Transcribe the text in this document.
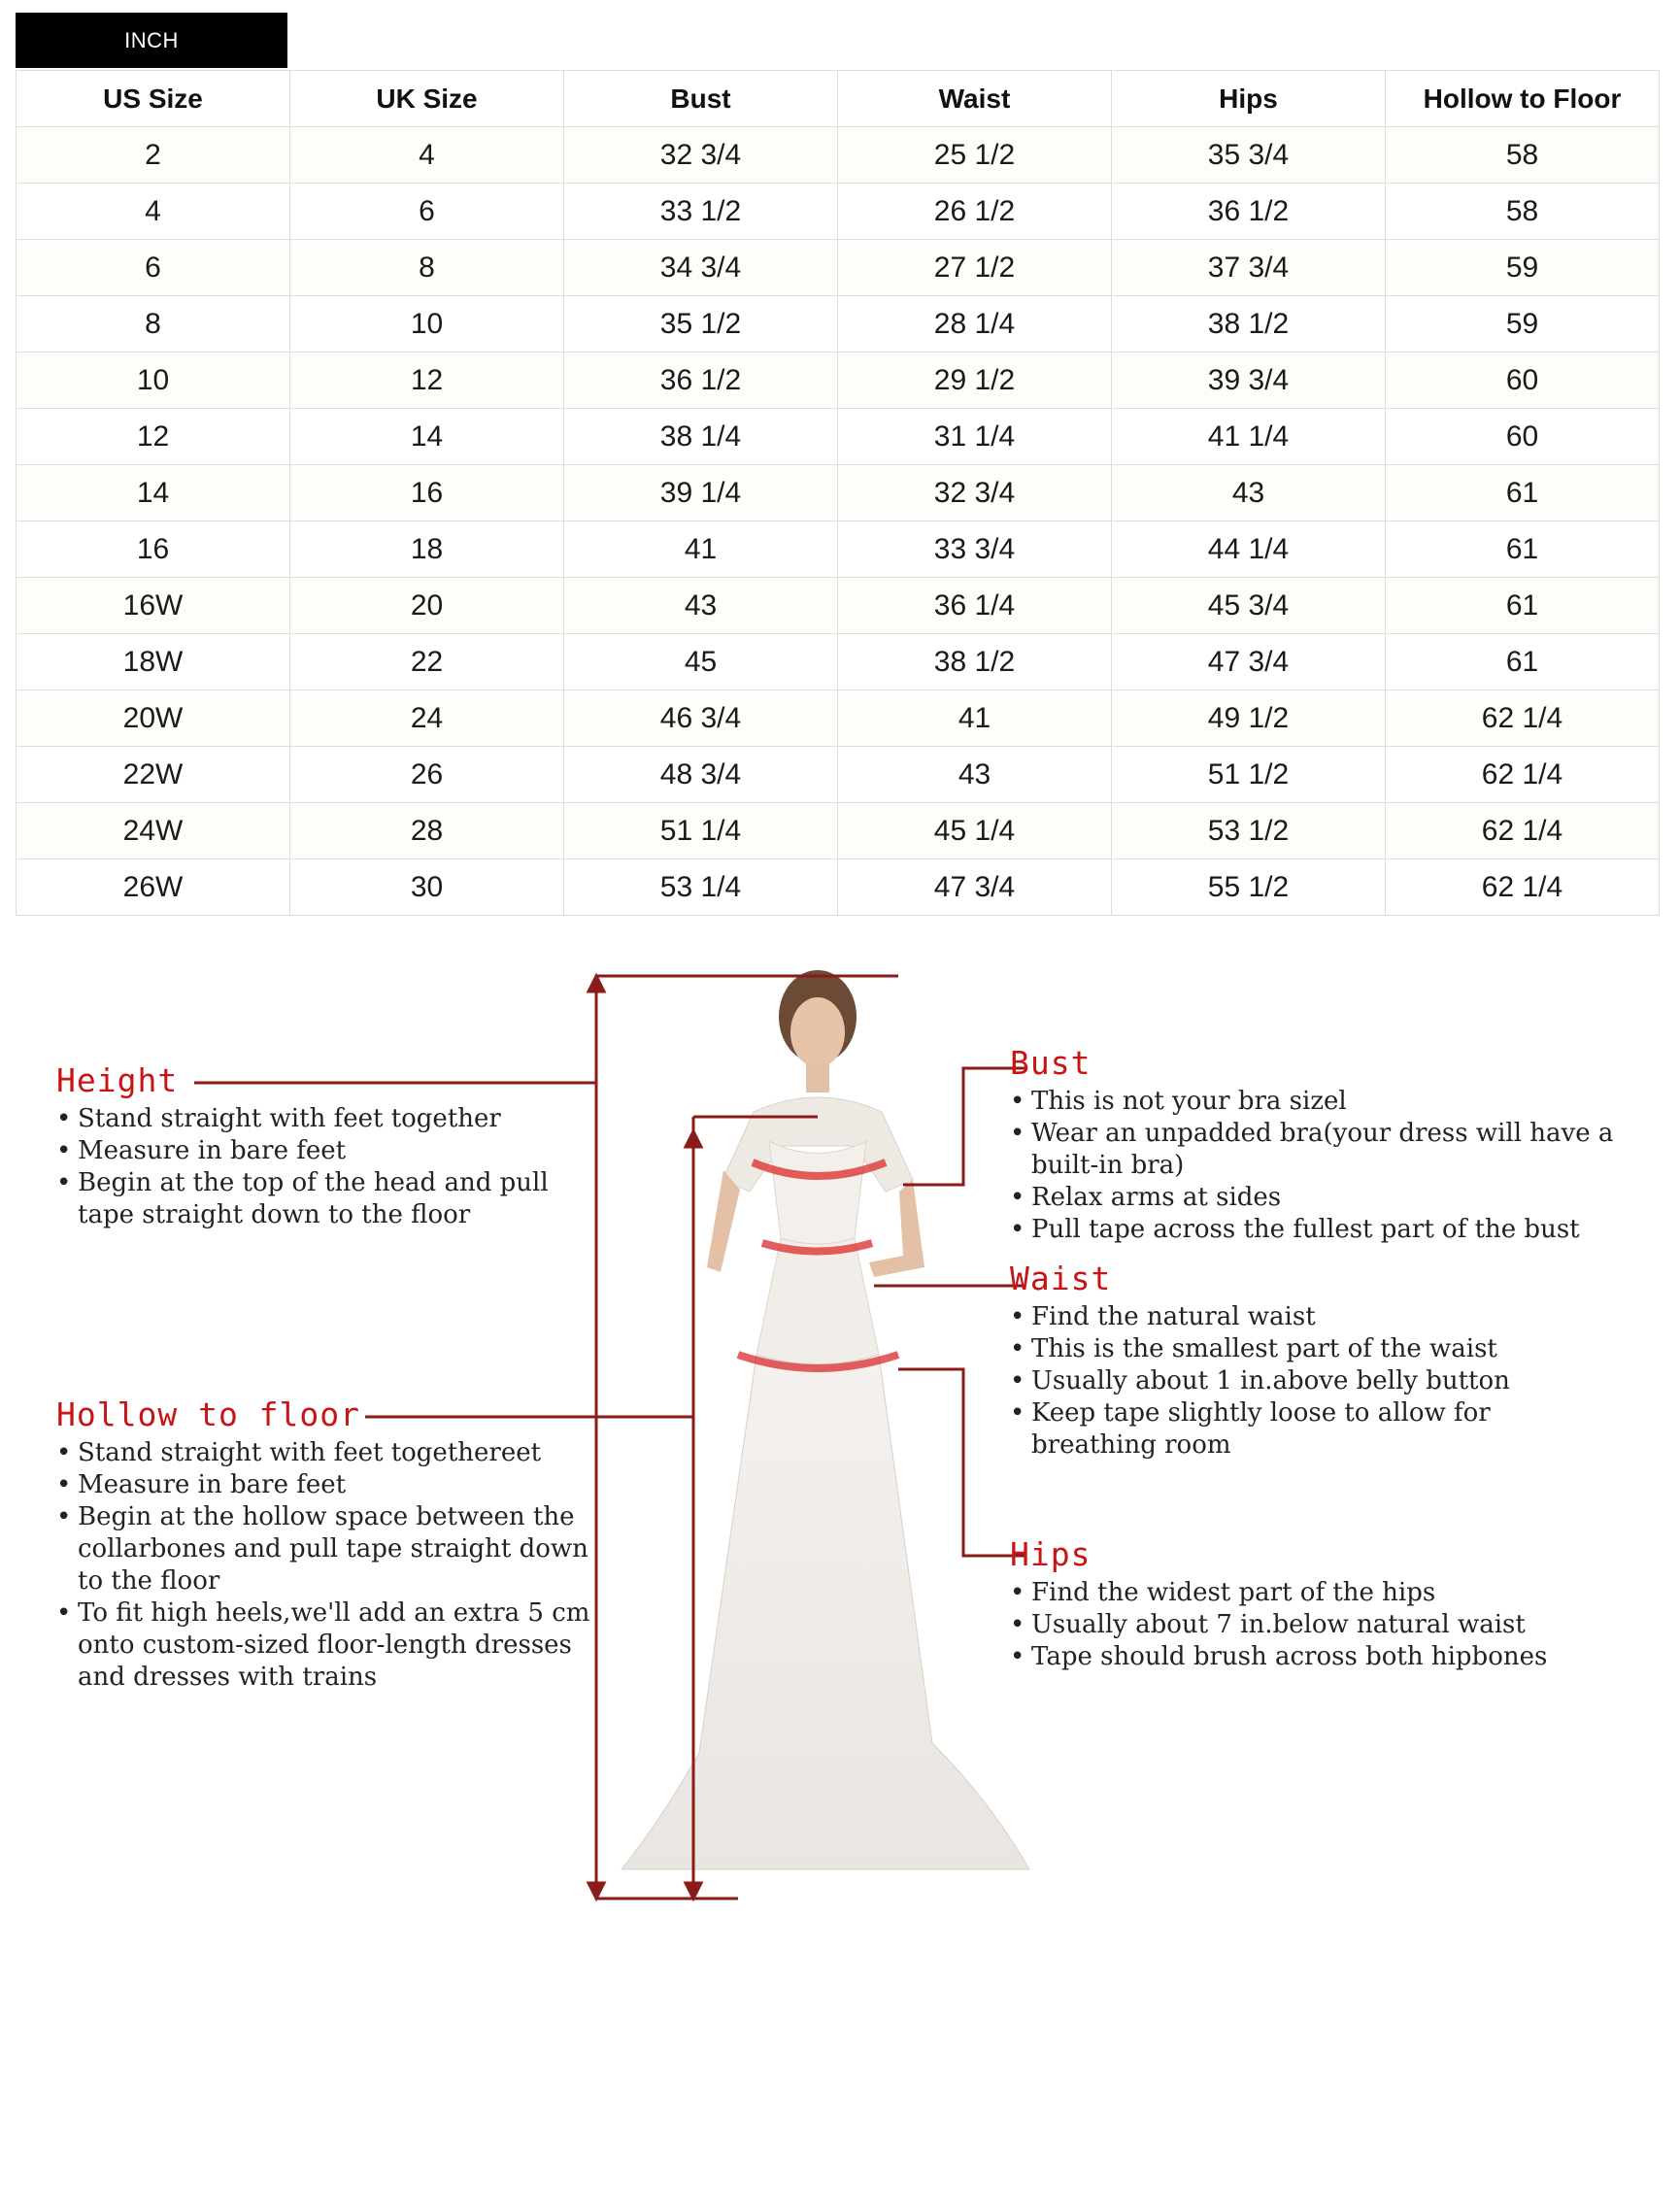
INCH
US Size	UK Size	Bust	Waist	Hips	Hollow to Floor
2	4	32 3/4	25 1/2	35 3/4	58
4	6	33 1/2	26 1/2	36 1/2	58
6	8	34 3/4	27 1/2	37 3/4	59
8	10	35 1/2	28 1/4	38 1/2	59
10	12	36 1/2	29 1/2	39 3/4	60
12	14	38 1/4	31 1/4	41 1/4	60
14	16	39 1/4	32 3/4	43	61
16	18	41	33 3/4	44 1/4	61
16W	20	43	36 1/4	45 3/4	61
18W	22	45	38 1/2	47 3/4	61
20W	24	46 3/4	41	49 1/2	62 1/4
22W	26	48 3/4	43	51 1/2	62 1/4
24W	28	51 1/4	45 1/4	53 1/2	62 1/4
26W	30	53 1/4	47 3/4	55 1/2	62 1/4
Height
• Stand straight with feet together
• Measure in bare feet
• Begin at the top of the head and pull tape straight down to the floor
Hollow to floor
• Stand straight with feet togethereet
• Measure in bare feet
• Begin at the hollow space between the collarbones and pull tape straight down to the floor
• To fit high heels,we'll add an extra 5 cm onto custom-sized floor-length dresses and dresses with trains
Bust
• This is not your bra sizel
• Wear an unpadded bra(your dress will have a built-in bra)
• Relax arms at sides
• Pull tape across the fullest part of the bust
Waist
• Find the natural waist
• This is the smallest part of the waist
• Usually about 1 in.above belly button
• Keep tape slightly loose to allow for breathing room
Hips
• Find the widest part of the hips
• Usually about 7 in.below natural waist
• Tape should brush across both hipbones
